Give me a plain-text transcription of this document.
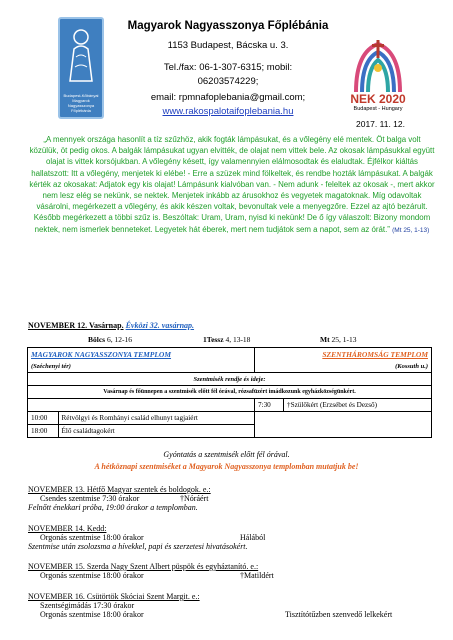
Budapest-Kőbányai Magyarok Nagyasszonya Főplébánia
Magyarok Nagyasszonya Főplébánia
1153 Budapest, Bácska u. 3.
Tel./fax: 06-1-307-6315; mobil:
06203574229;
email: rpmnafoplebania@gmail.com;
www.rakospalotaifoplebania.hu
NEK 2020
Budapest - Hungary
2017. 11. 12.
„A mennyek országa hasonlít a tíz szűzhöz, akik fogták lámpásukat, és a vőlegény elé mentek. Öt balga volt közülük, öt pedig okos. A balgák lámpásukat ugyan elvitték, de olajat nem vittek bele. Az okosak lámpásukkal együtt olajat is vittek korsójukban. A vőlegény késett, így valamennyien elálmosodtak és elaludtak. Éjfélkor kiáltás hallatszott: Itt a vőlegény, menjetek ki elébe! - Erre a szüzek mind fölkeltek, és rendbe hozták lámpásukat. A balgák kérték az okosakat: Adjatok egy kis olajat! Lámpásunk kialvóban van. - Nem adunk - feleltek az okosak -, mert akkor nem lesz elég se nekünk, se nektek. Menjetek inkább az árusokhoz és vegyetek magatoknak. Míg odavoltak vásárolni, megérkezett a vőlegény, és akik készen voltak, bevonultak vele a menyegzőre. Ezzel az ajtó bezárult. Később megérkezett a többi szűz is. Beszóltak: Uram, Uram, nyisd ki nekünk! De ő így válaszolt: Bizony mondom nektek, nem ismerlek benneteket. Legyetek hát éberek, mert nem tudjátok sem a napot, sem az órát.” (Mt 25, 1-13)
NOVEMBER 12. Vasárnap. Évközi 32. vasárnap.
Bölcs 6, 12-16	1Tessz 4, 13-18	Mt 25, 1-13
MAGYAROK NAGYASSZONYA TEMPLOM		SZENTHÁROMSÁG TEMPLOM	
(Széchenyi tér)		(Kossuth u.)	
Szentmisék rendje és ideje:			
Vasárnap és főünnepen a szentmisék előtt fél órával, rózsafüzért imádkozunk egyházközségünkért.			
		7:30	†Szülőkért (Erzsébet és Dezső)
10:00	Rétvölgyi és Romhányi család elhunyt tagjaiért		
18:00	Élő családtagokért		
Gyóntatás a szentmisék előtt fél órával.
A hétköznapi szentmiséket a Magyarok Nagyasszonya templomban mutatjuk be!
NOVEMBER 13. Hétfő Magyar szentek és boldogok. e.:
Csendes szentmise 7:30 órakor	†Nóráért
Felnőtt énekkari próba, 19:00 órakor a templomban.
NOVEMBER 14. Kedd:
Orgonás szentmise 18:00 órakor	Hálából
Szentmise után zsolozsma a hívekkel, papi és szerzetesi hivatásokért.
NOVEMBER 15. Szerda Nagy Szent Albert püspök és egyháztanító. e.:
Orgonás szentmise 18:00 órakor	†Matildért
NOVEMBER 16. Csütörtök Skóciai Szent Margit. e.:
Szentségimádás 17:30 órakor
Orgonás szentmise 18:00 órakor	Tisztítótűzben szenvedő lelkekért
